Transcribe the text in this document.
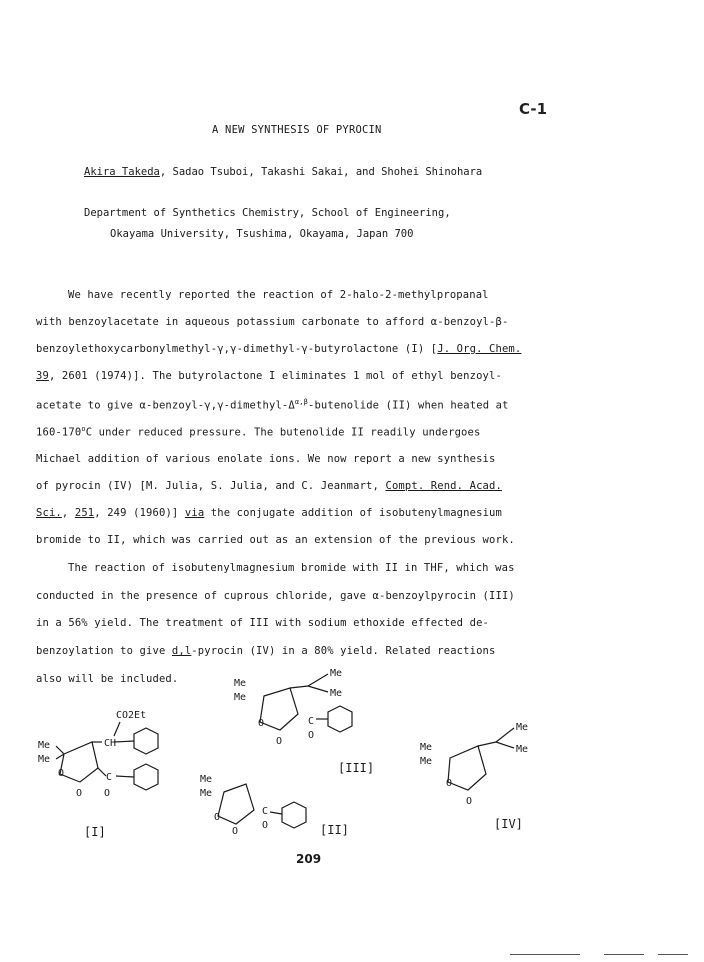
C-1
A NEW SYNTHESIS OF PYROCIN
Akira Takeda, Sadao Tsuboi, Takashi Sakai, and Shohei Shinohara
Department of Synthetics Chemistry, School of Engineering,
Okayama University, Tsushima, Okayama, Japan 700
We have recently reported the reaction of 2-halo-2-methylpropanal
with benzoylacetate in aqueous potassium carbonate to afford α-benzoyl-β-
benzoylethoxycarbonylmethyl-γ,γ-dimethyl-γ-butyrolactone (I) [J. Org. Chem.
39, 2601 (1974)]. The butyrolactone I eliminates 1 mol of ethyl benzoyl-
acetate to give $\alpha-benzoyl-\gamma,\gamma-dimethyl-\Delta^{\alpha,\beta}$-butenolide (II) when heated at
160-170$^o$C under reduced pressure. The butenolide II readily undergoes
Michael addition of various enolate ions. We now report a new synthesis
of pyrocin (IV) [M. Julia, S. Julia, and C. Jeanmart, Compt. Rend. Acad.
Sci., 251, 249 (1960)] via the conjugate addition of isobutenylmagnesium
bromide to II, which was carried out as an extension of the previous work.
The reaction of isobutenylmagnesium bromide with II in THF, which was
conducted in the presence of cuprous chloride, gave α-benzoylpyrocin (III)
in a 56% yield. The treatment of III with sodium ethoxide effected de-
benzoylation to give d,l-pyrocin (IV) in a 80% yield. Related reactions
also will be included.
CO2Et
CH
Me
Me
O
O
C
O
[I]
Me
Me
Me
Me
O
O
C
O
[III]
Me
Me
O
O
C
O	[II]
Me
Me
Me
Me
O
O
[IV]
209
